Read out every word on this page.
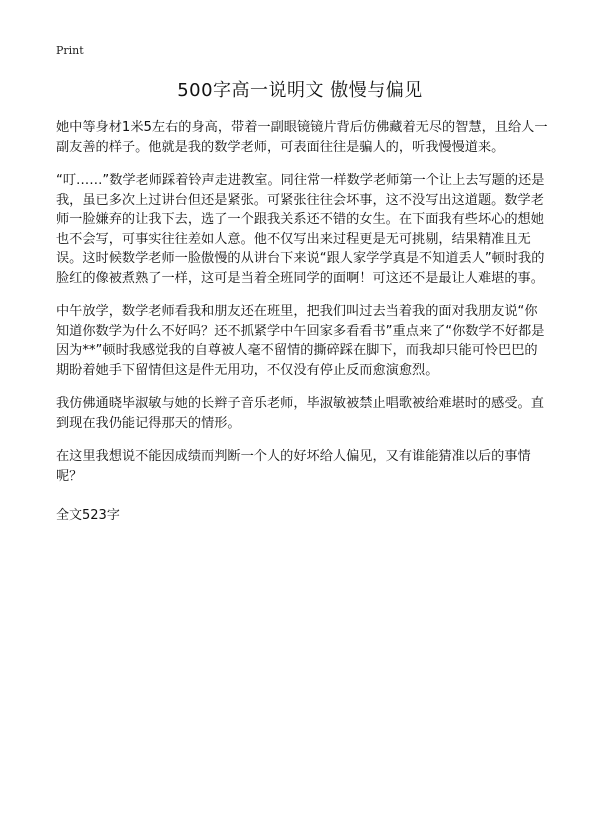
Print
500字高一说明文 傲慢与偏见

她中等身材1米5左右的身高，带着一副眼镜镜片背后仿佛藏着无尽的智慧，且给人一副友善的样子。他就是我的数学老师，可表面往往是骗人的，听我慢慢道来。

“叮……”数学老师踩着铃声走进教室。同往常一样数学老师第一个让上去写题的还是我，虽已多次上过讲台但还是紧张。可紧张往往会坏事，这不没写出这道题。数学老师一脸嫌弃的让我下去，选了一个跟我关系还不错的女生。在下面我有些坏心的想她也不会写，可事实往往差如人意。他不仅写出来过程更是无可挑剔，结果精准且无误。这时候数学老师一脸傲慢的从讲台下来说“跟人家学学真是不知道丢人”顿时我的脸红的像被煮熟了一样，这可是当着全班同学的面啊！可这还不是最让人难堪的事。

中午放学，数学老师看我和朋友还在班里，把我们叫过去当着我的面对我朋友说“你知道你数学为什么不好吗？还不抓紧学中午回家多看看书”重点来了“你数学不好都是因为**”顿时我感觉我的自尊被人毫不留情的撕碎踩在脚下，而我却只能可怜巴巴的期盼着她手下留情但这是件无用功，不仅没有停止反而愈演愈烈。

我仿佛通晓毕淑敏与她的长辫子音乐老师，毕淑敏被禁止唱歌被给难堪时的感受。直到现在我仍能记得那天的情形。

在这里我想说不能因成绩而判断一个人的好坏给人偏见，又有谁能猜准以后的事情呢？

全文523字
